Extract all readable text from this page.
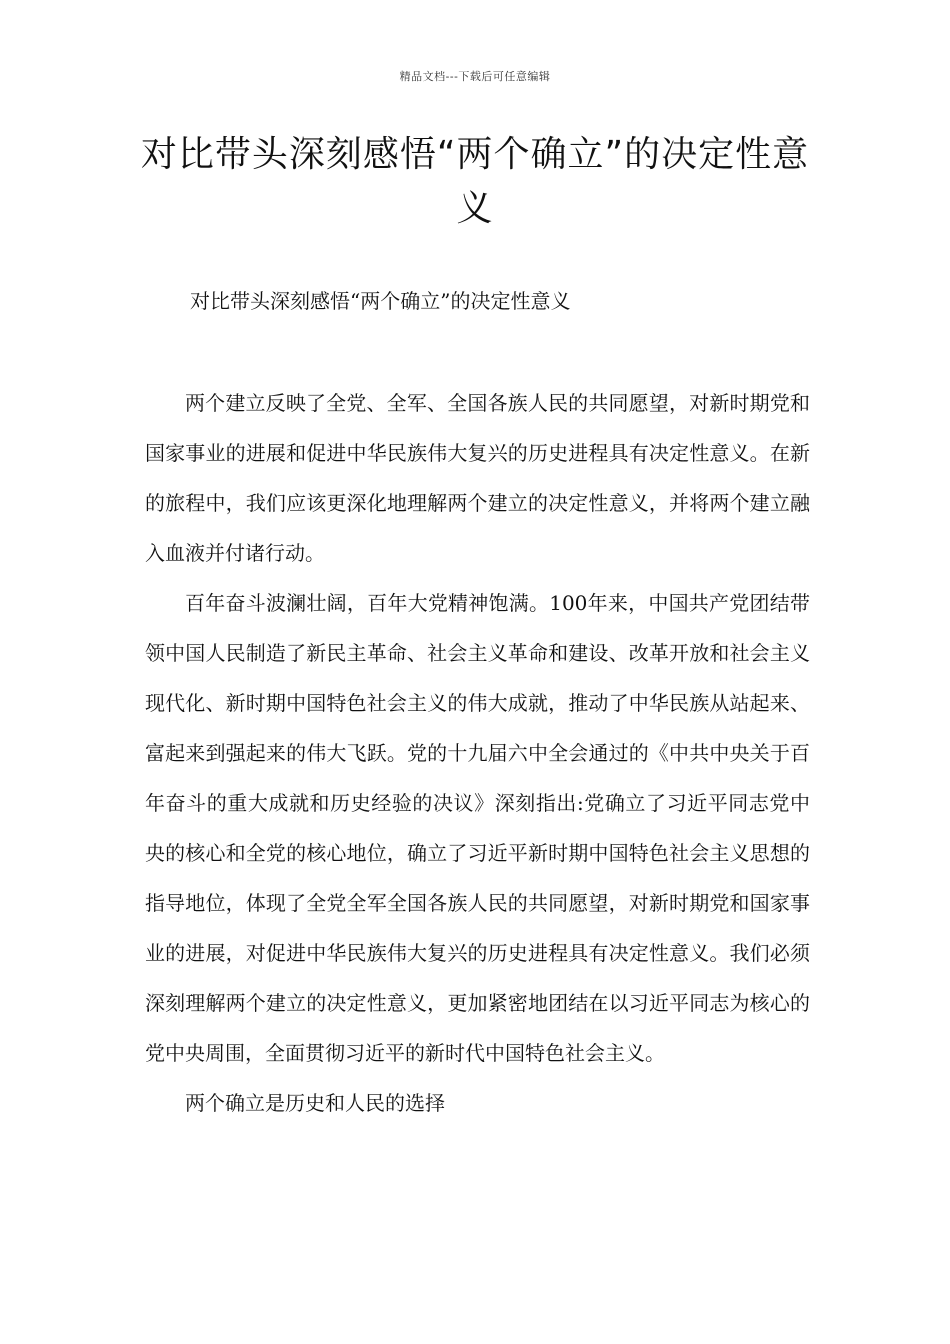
精品文档---下载后可任意编辑
对比带头深刻感悟“两个确立”的决定性意义
对比带头深刻感悟“两个确立”的决定性意义

两个建立反映了全党、全军、全国各族人民的共同愿望，对新时期党和国家事业的进展和促进中华民族伟大复兴的历史进程具有决定性意义。在新的旅程中，我们应该更深化地理解两个建立的决定性意义，并将两个建立融入血液并付诸行动。

百年奋斗波澜壮阔，百年大党精神饱满。100年来，中国共产党团结带领中国人民制造了新民主革命、社会主义革命和建设、改革开放和社会主义现代化、新时期中国特色社会主义的伟大成就，推动了中华民族从站起来、富起来到强起来的伟大飞跃。党的十九届六中全会通过的《中共中央关于百年奋斗的重大成就和历史经验的决议》深刻指出:党确立了习近平同志党中央的核心和全党的核心地位，确立了习近平新时期中国特色社会主义思想的指导地位，体现了全党全军全国各族人民的共同愿望，对新时期党和国家事业的进展，对促进中华民族伟大复兴的历史进程具有决定性意义。我们必须深刻理解两个建立的决定性意义，更加紧密地团结在以习近平同志为核心的党中央周围，全面贯彻习近平的新时代中国特色社会主义。

两个确立是历史和人民的选择
